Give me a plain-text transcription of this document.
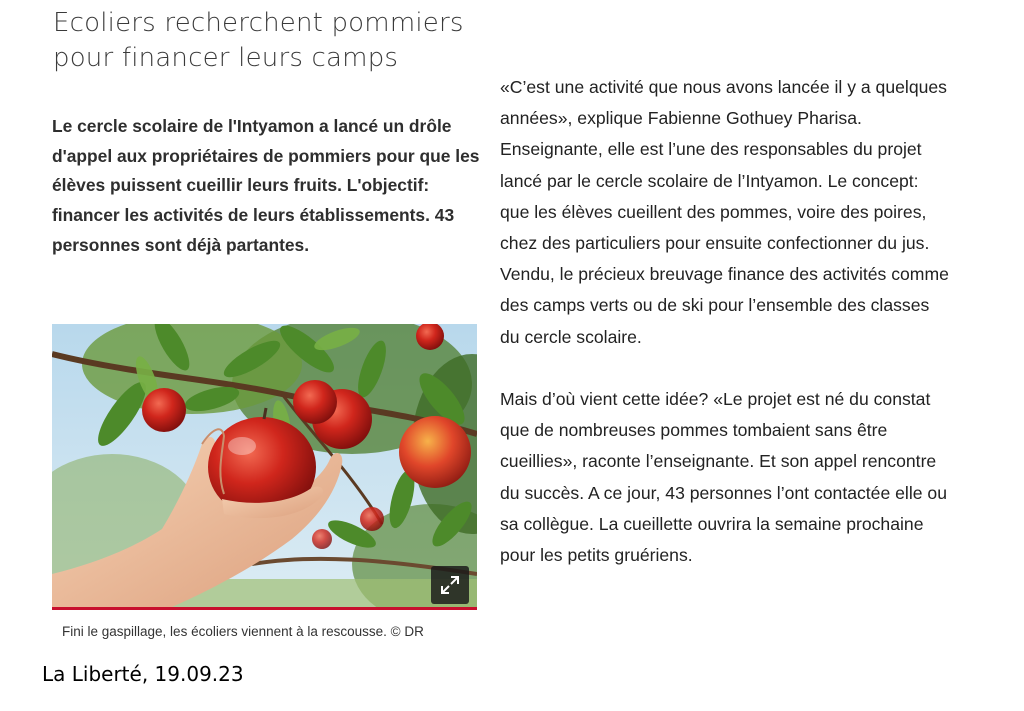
Ecoliers recherchent pommiers pour financer leurs camps

Le cercle scolaire de l'Intyamon a lancé un drôle d'appel aux propriétaires de pommiers pour que les élèves puissent cueillir leurs fruits. L'objectif: financer les activités de leurs établissements. 43 personnes sont déjà partantes.

Fini le gaspillage, les écoliers viennent à la rescousse. © DR

La Liberté, 19.09.23

«C’est une activité que nous avons lancée il y a quelques années», explique Fabienne Gothuey Pharisa. Enseignante, elle est l’une des responsables du projet lancé par le cercle scolaire de l’Intyamon. Le concept: que les élèves cueillent des pommes, voire des poires, chez des particuliers pour ensuite confectionner du jus. Vendu, le précieux breuvage finance des activités comme des camps verts ou de ski pour l’ensemble des classes du cercle scolaire.

Mais d’où vient cette idée? «Le projet est né du constat que de nombreuses pommes tombaient sans être cueillies», raconte l’enseignante. Et son appel rencontre du succès. A ce jour, 43 personnes l’ont contactée elle ou sa collègue. La cueillette ouvrira la semaine prochaine pour les petits gruériens.
